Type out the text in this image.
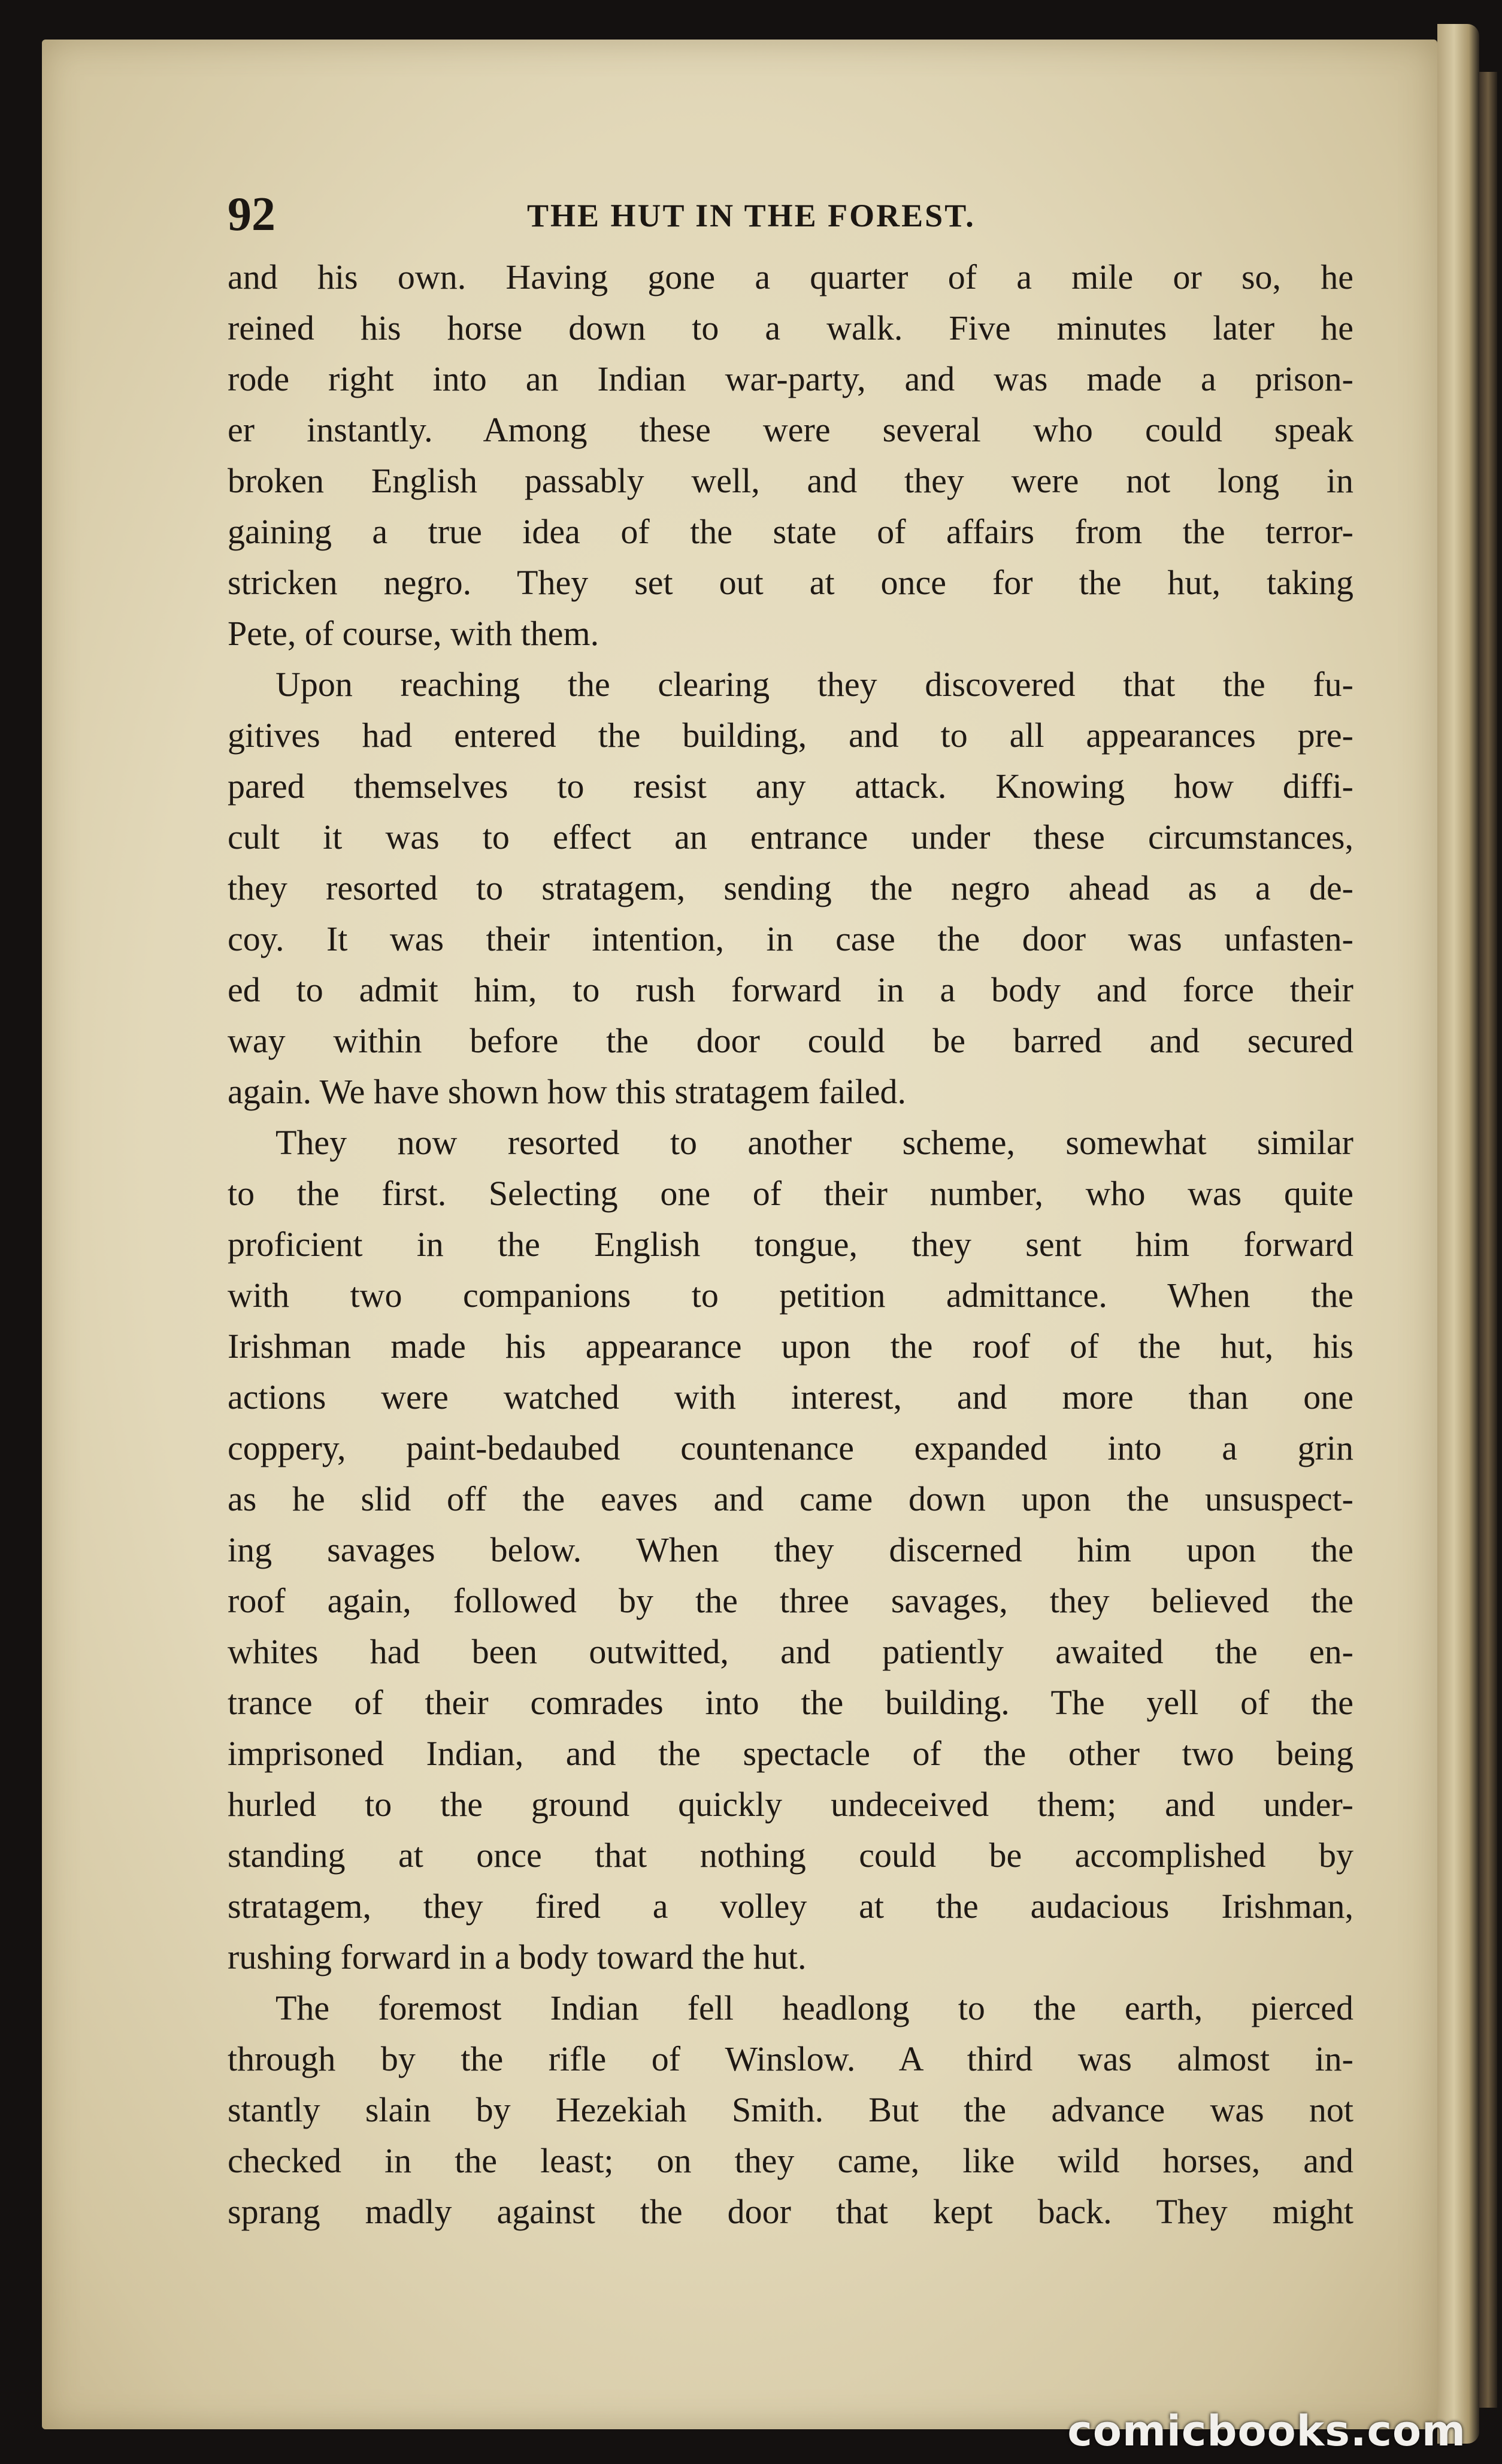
92	THE HUT IN THE FOREST.
and his own. Having gone a quarter of a mile or so, he
reined his horse down to a walk. Five minutes later he
rode right into an Indian war-party, and was made a prison-
er instantly. Among these were several who could speak
broken English passably well, and they were not long in
gaining a true idea of the state of affairs from the terror-
stricken negro. They set out at once for the hut, taking
Pete, of course, with them.
Upon reaching the clearing they discovered that the fu-
gitives had entered the building, and to all appearances pre-
pared themselves to resist any attack. Knowing how diffi-
cult it was to effect an entrance under these circumstances,
they resorted to stratagem, sending the negro ahead as a de-
coy. It was their intention, in case the door was unfasten-
ed to admit him, to rush forward in a body and force their
way within before the door could be barred and secured
again. We have shown how this stratagem failed.
They now resorted to another scheme, somewhat similar
to the first. Selecting one of their number, who was quite
proficient in the English tongue, they sent him forward
with two companions to petition admittance. When the
Irishman made his appearance upon the roof of the hut, his
actions were watched with interest, and more than one
coppery, paint-bedaubed countenance expanded into a grin
as he slid off the eaves and came down upon the unsuspect-
ing savages below. When they discerned him upon the
roof again, followed by the three savages, they believed the
whites had been outwitted, and patiently awaited the en-
trance of their comrades into the building. The yell of the
imprisoned Indian, and the spectacle of the other two being
hurled to the ground quickly undeceived them; and under-
standing at once that nothing could be accomplished by
stratagem, they fired a volley at the audacious Irishman,
rushing forward in a body toward the hut.
The foremost Indian fell headlong to the earth, pierced
through by the rifle of Winslow. A third was almost in-
stantly slain by Hezekiah Smith. But the advance was not
checked in the least; on they came, like wild horses, and
sprang madly against the door that kept back. They might
comicbooks.com
